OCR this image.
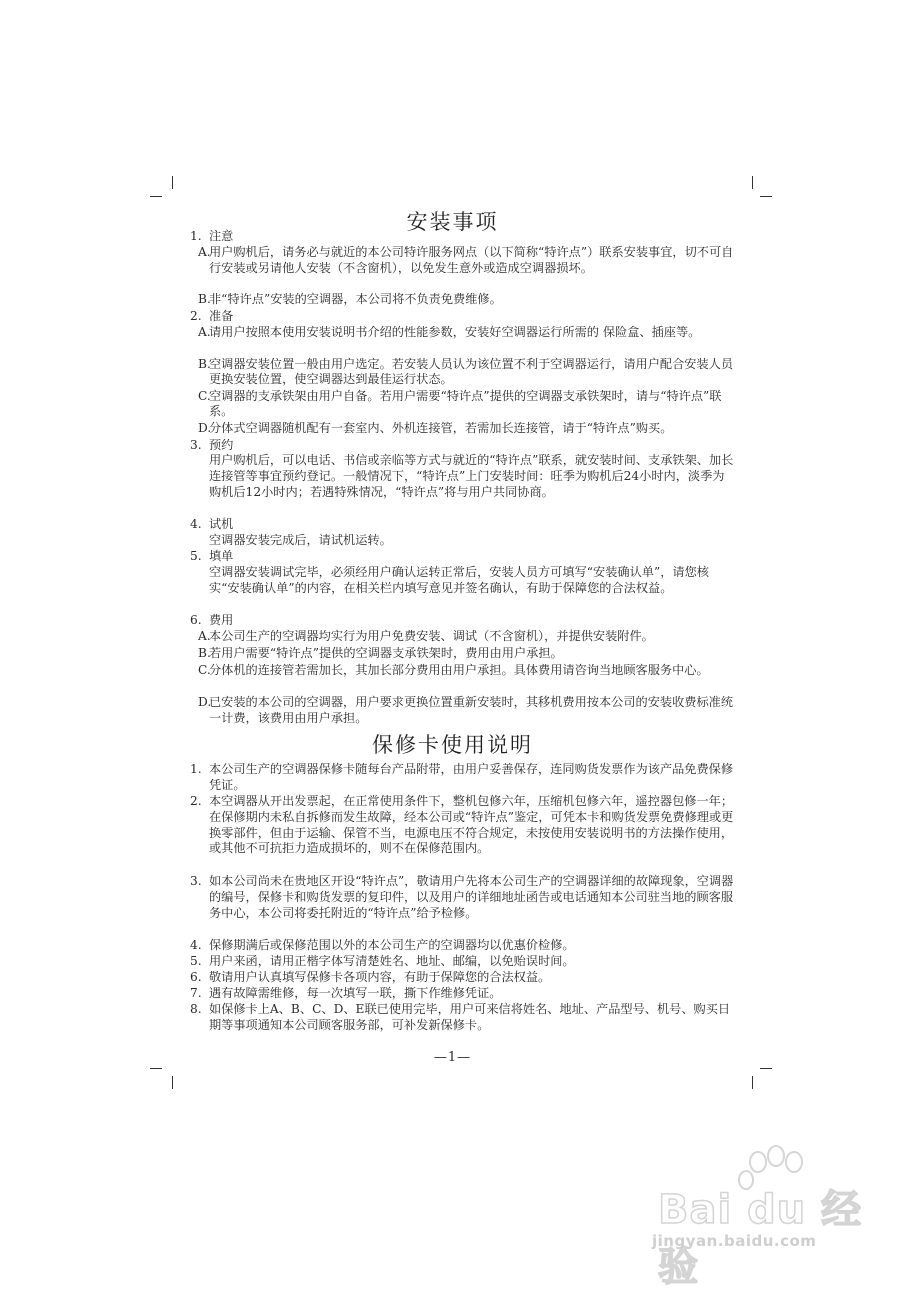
安装事项
1. 注意
A.
用户购机后，请务必与就近的本公司特许服务网点（以下简称“特许点”）联系安装事宜，切不可自行安装或另请他人安装（不含窗机），以免发生意外或造成空调器损坏。
B.
非“特许点”安装的空调器，本公司将不负责免费维修。
2. 准备
A.
请用户按照本使用安装说明书介绍的性能参数，安装好空调器运行所需的 保险盒、插座等。
B.
空调器安装位置一般由用户选定。若安装人员认为该位置不利于空调器运行，请用户配合安装人员更换安装位置，使空调器达到最佳运行状态。
C.
空调器的支承铁架由用户自备。若用户需要“特许点”提供的空调器支承铁架时，请与“特许点”联系。
D.
分体式空调器随机配有一套室内、外机连接管，若需加长连接管，请于“特许点”购买。
3. 预约
用户购机后，可以电话、书信或亲临等方式与就近的“特许点”联系，就安装时间、支承铁架、加长连接管等事宜预约登记。一般情况下，“特许点”上门安装时间：旺季为购机后24小时内，淡季为购机后12小时内；若遇特殊情况，“特许点”将与用户共同协商。
4. 试机
空调器安装完成后，请试机运转。
5. 填单
空调器安装调试完毕，必须经用户确认运转正常后，安装人员方可填写“安装确认单”，请您核实“安装确认单”的内容，在相关栏内填写意见并签名确认，有助于保障您的合法权益。
6. 费用
A.
本公司生产的空调器均实行为用户免费安装、调试（不含窗机），并提供安装附件。
B.
若用户需要“特许点”提供的空调器支承铁架时，费用由用户承担。
C.
分体机的连接管若需加长，其加长部分费用由用户承担。具体费用请咨询当地顾客服务中心。
D.
已安装的本公司的空调器，用户要求更换位置重新安装时，其移机费用按本公司的安装收费标准统一计费，该费用由用户承担。
保修卡使用说明
1. 本公司生产的空调器保修卡随每台产品附带，由用户妥善保存，连同购货发票作为该产品免费保修凭证。
2. 本空调器从开出发票起，在正常使用条件下，整机包修六年，压缩机包修六年，遥控器包修一年；在保修期内未私自拆修而发生故障，经本公司或“特许点”鉴定，可凭本卡和购货发票免费修理或更换零部件，但由于运输、保管不当，电源电压不符合规定，未按使用安装说明书的方法操作使用，或其他不可抗拒力造成损坏的，则不在保修范围内。
3. 如本公司尚未在贵地区开设“特许点”，敬请用户先将本公司生产的空调器详细的故障现象，空调器的编号，保修卡和购货发票的复印件，以及用户的详细地址函告或电话通知本公司驻当地的顾客服务中心，本公司将委托附近的“特许点”给予检修。
4. 保修期满后或保修范围以外的本公司生产的空调器均以优惠价检修。
5. 用户来函，请用正楷字体写清楚姓名、地址、邮编，以免贻误时间。
6. 敬请用户认真填写保修卡各项内容，有助于保障您的合法权益。
7. 遇有故障需维修，每一次填写一联，撕下作维修凭证。
8. 如保修卡上A、B、C、D、E联已使用完毕，用户可来信将姓名、地址、产品型号、机号、购买日期等事项通知本公司顾客服务部，可补发新保修卡。
—1—
Bai du 经验
jingyan.baidu.com
